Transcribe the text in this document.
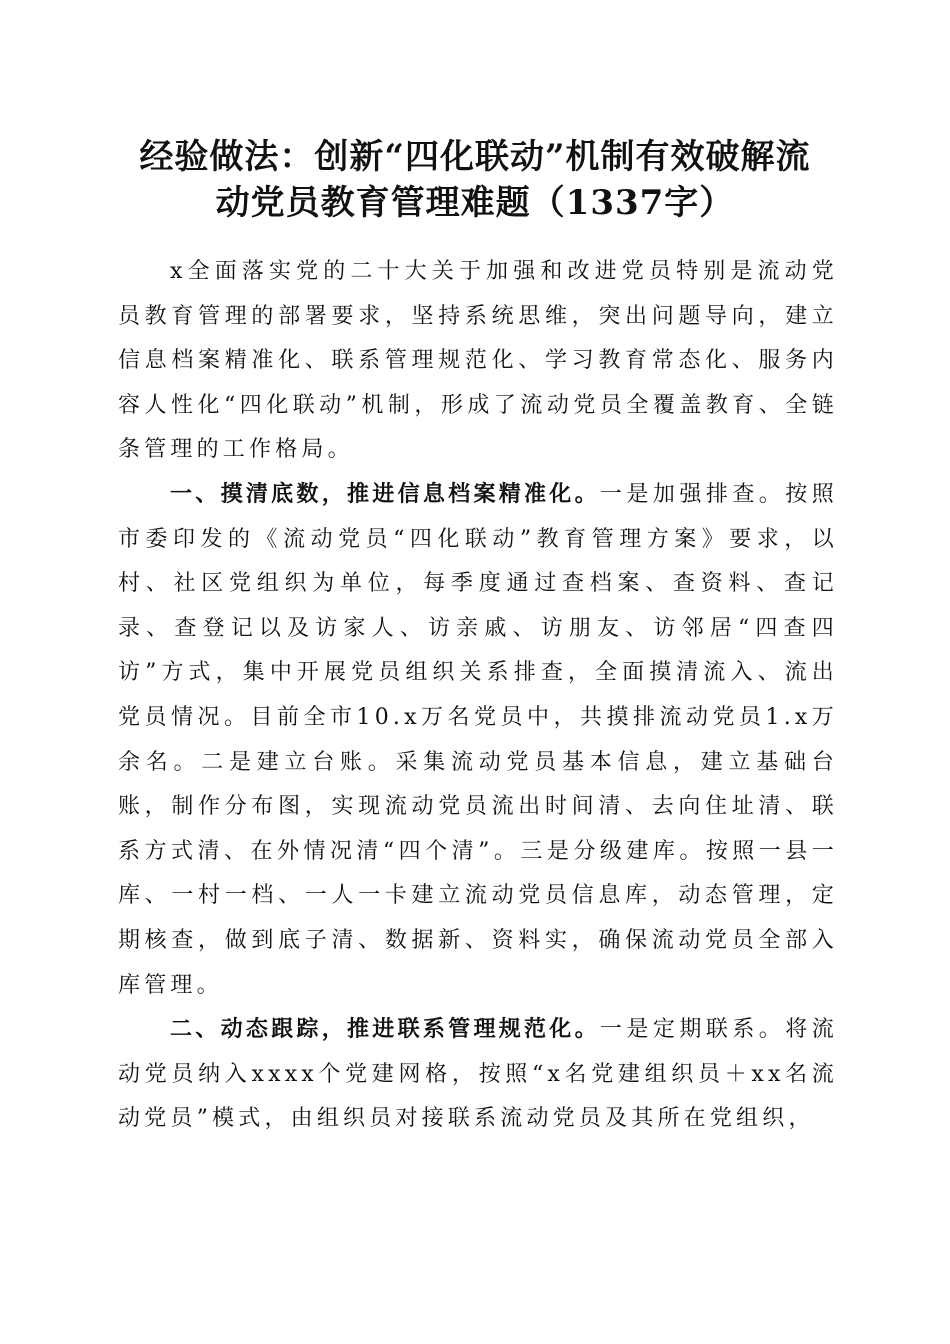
经验做法：创新“四化联动”机制有效破解流
动党员教育管理难题（1337字）

x全面落实党的二十大关于加强和改进党员特别是流动党员教育管理的部署要求，坚持系统思维，突出问题导向，建立信息档案精准化、联系管理规范化、学习教育常态化、服务内容人性化“四化联动”机制，形成了流动党员全覆盖教育、全链条管理的工作格局。

一、摸清底数，推进信息档案精准化。一是加强排查。按照市委印发的《流动党员“四化联动”教育管理方案》要求，以村、社区党组织为单位，每季度通过查档案、查资料、查记录、查登记以及访家人、访亲戚、访朋友、访邻居“四查四访”方式，集中开展党员组织关系排查，全面摸清流入、流出党员情况。目前全市10.x万名党员中，共摸排流动党员1.x万余名。二是建立台账。采集流动党员基本信息，建立基础台账，制作分布图，实现流动党员流出时间清、去向住址清、联系方式清、在外情况清“四个清”。三是分级建库。按照一县一库、一村一档、一人一卡建立流动党员信息库，动态管理，定期核查，做到底子清、数据新、资料实，确保流动党员全部入库管理。

二、动态跟踪，推进联系管理规范化。一是定期联系。将流动党员纳入xxxx个党建网格，按照“x名党建组织员＋xx名流动党员”模式，由组织员对接联系流动党员及其所在党组织，
